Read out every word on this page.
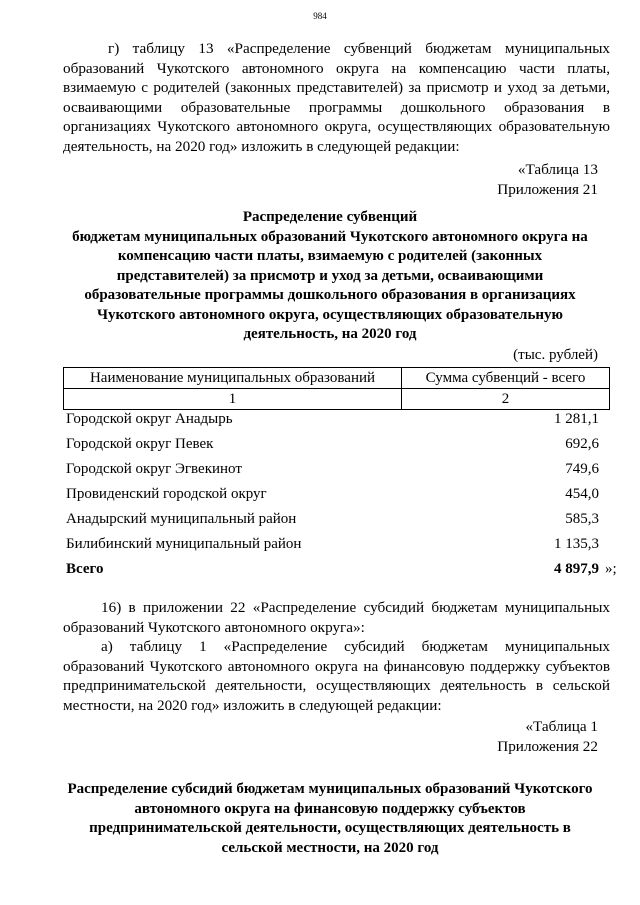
984
г) таблицу 13 «Распределение субвенций бюджетам муниципальных
образований Чукотского автономного округа на компенсацию части платы,
взимаемую с родителей (законных представителей) за присмотр и уход за детьми,
осваивающими образовательные программы дошкольного образования в
организациях Чукотского автономного округа, осуществляющих образовательную
деятельность, на 2020 год» изложить в следующей редакции:
«Таблица 13
Приложения 21
Распределение субвенций
бюджетам муниципальных образований Чукотского автономного округа на
компенсацию части платы, взимаемую с родителей (законных
представителей) за присмотр и уход за детьми, осваивающими
образовательные программы дошкольного образования в организациях
Чукотского автономного округа, осуществляющих образовательную
деятельность, на 2020 год
(тыс. рублей)
Наименование муниципальных образований	Сумма субвенций - всего
1	2
Городской округ Анадырь	1 281,1
Городской округ Певек	692,6
Городской округ Эгвекинот	749,6
Провиденский городской округ	454,0
Анадырский муниципальный район	585,3
Билибинский муниципальный район	1 135,3
Всего	4 897,9 »;
16) в приложении 22 «Распределение субсидий бюджетам муниципальных
образований Чукотского автономного округа»:
а) таблицу 1 «Распределение субсидий бюджетам муниципальных
образований Чукотского автономного округа на финансовую поддержку субъектов
предпринимательской деятельности, осуществляющих деятельность в сельской
местности, на 2020 год» изложить в следующей редакции:
«Таблица 1
Приложения 22
Распределение субсидий бюджетам муниципальных образований Чукотского
автономного округа на финансовую поддержку субъектов
предпринимательской деятельности, осуществляющих деятельность в
сельской местности, на 2020 год
